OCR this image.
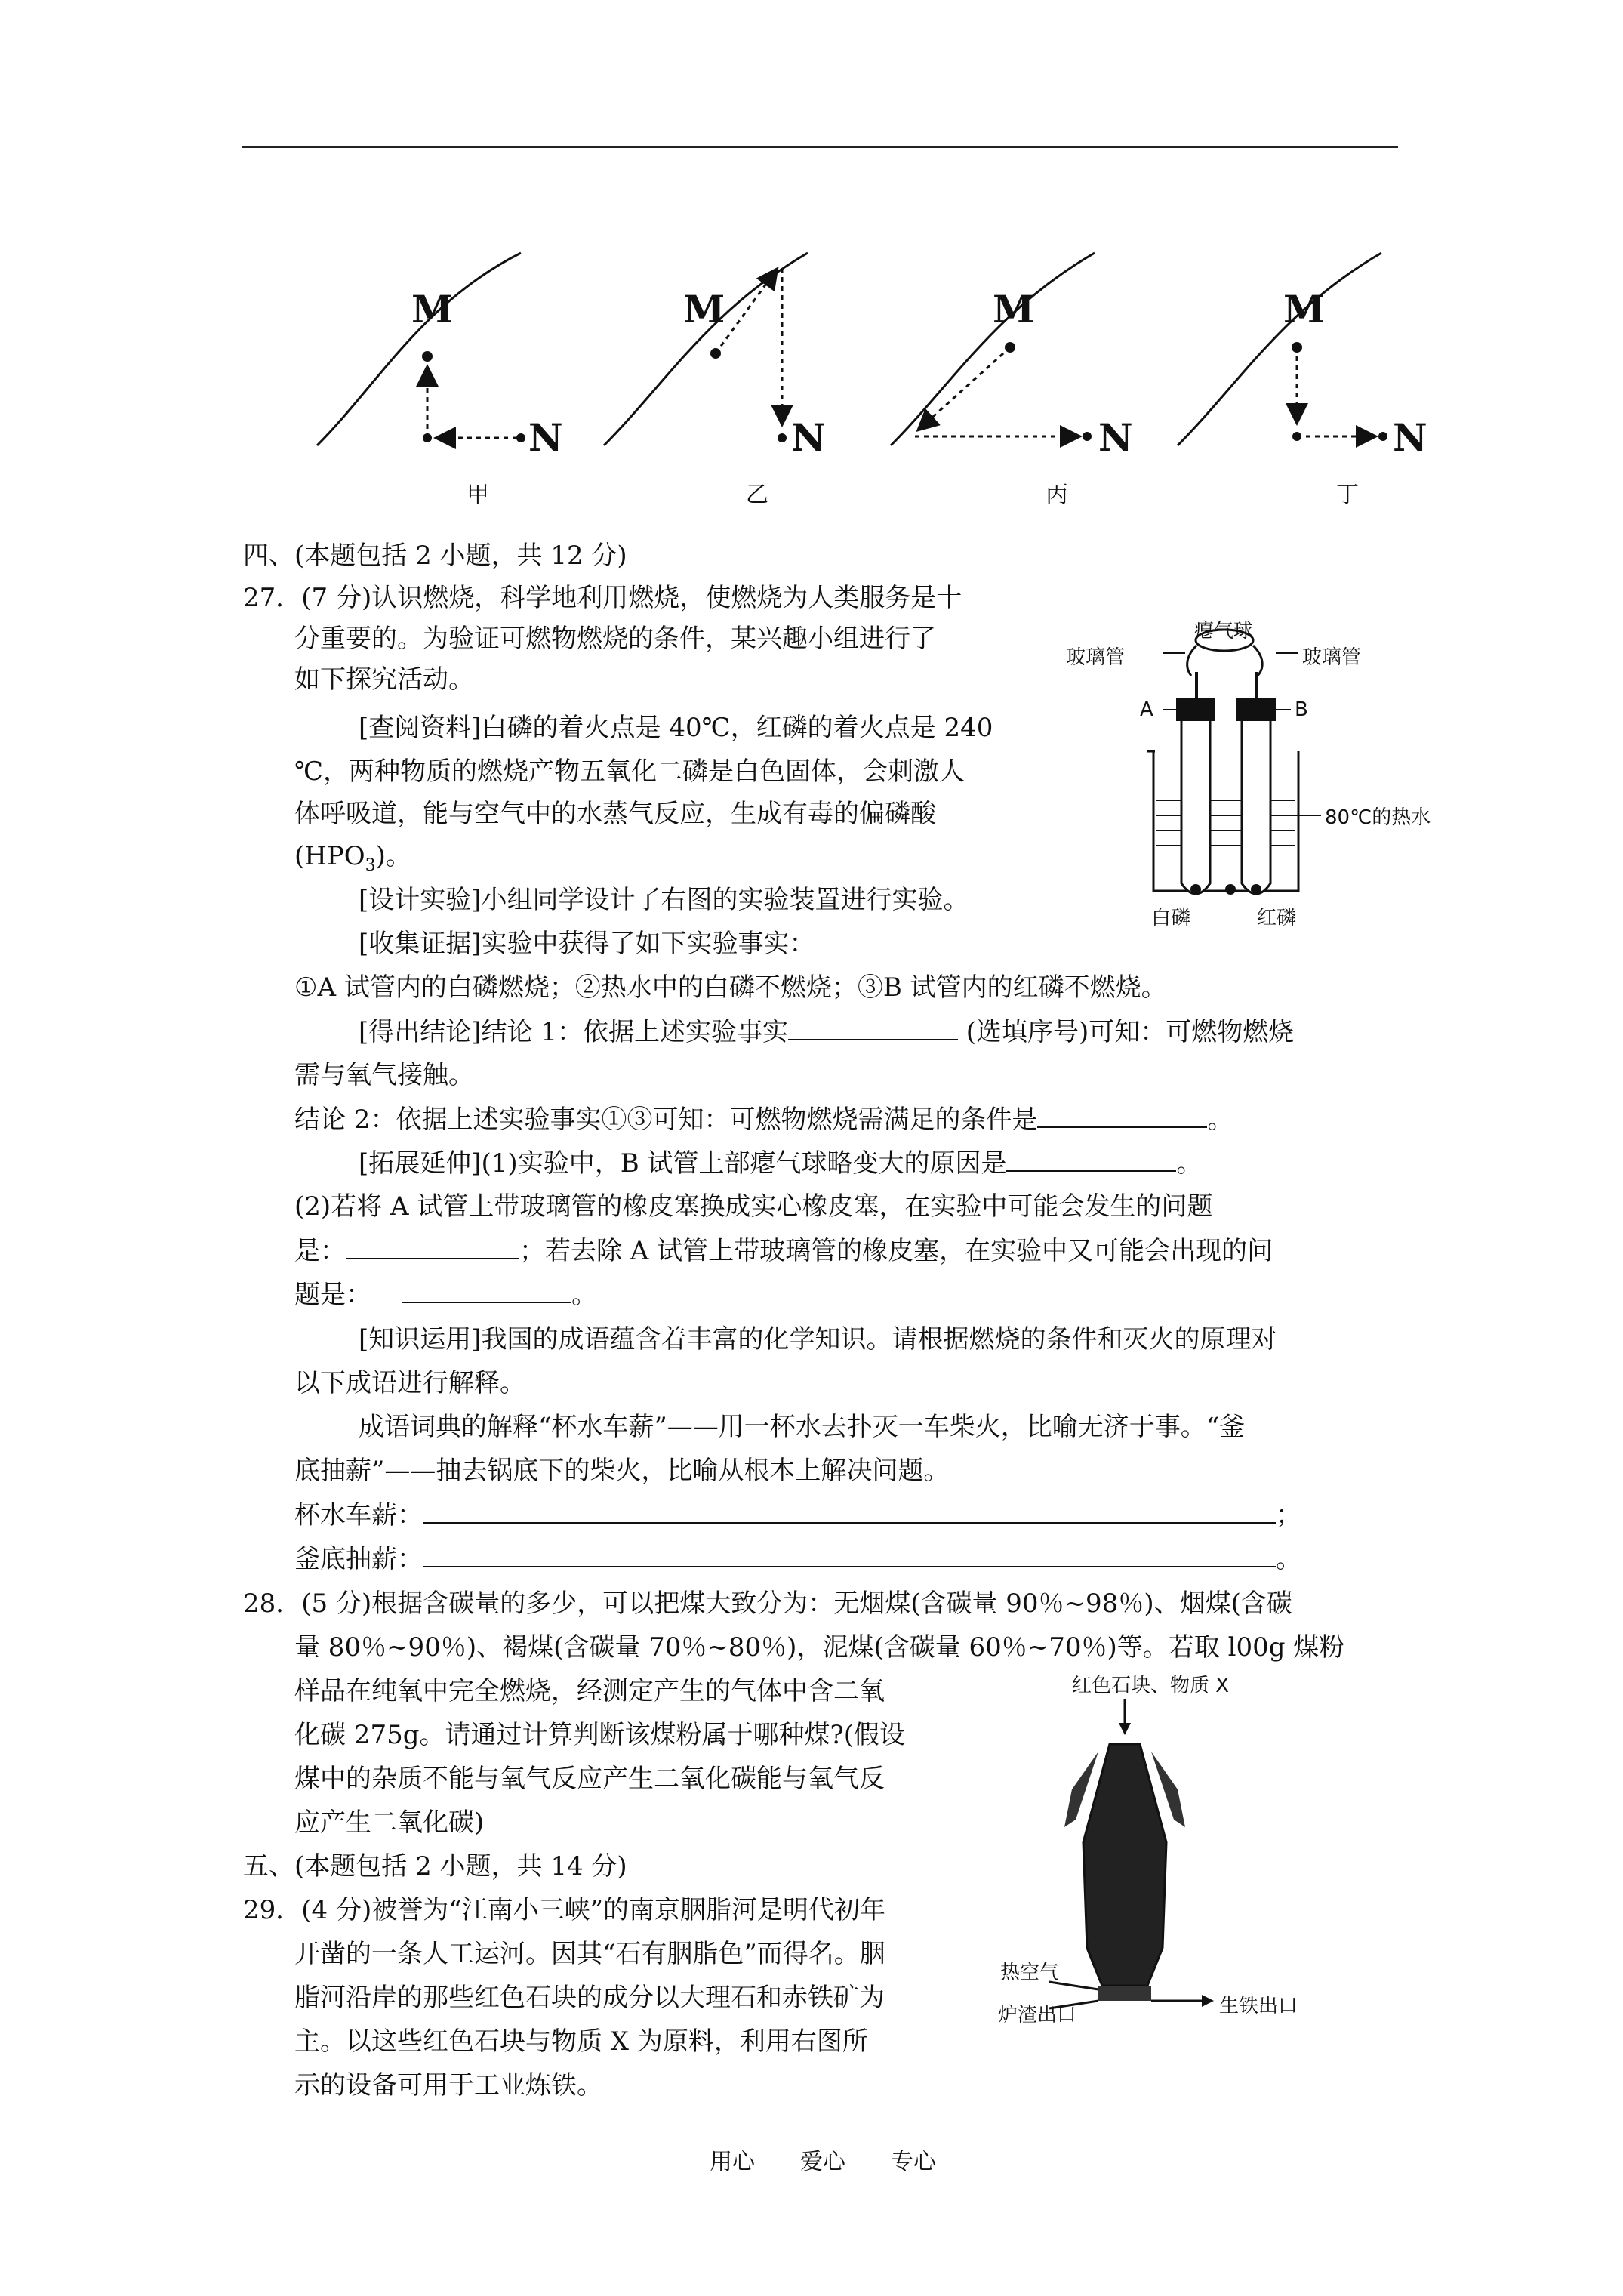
M	M	M	M
N	N	N	N
甲	乙	丙	丁
四、(本题包括 2 小题，共 12 分)
27．(7 分)认识燃烧，科学地利用燃烧，使燃烧为人类服务是十
分重要的。为验证可燃物燃烧的条件，某兴趣小组进行了
如下探究活动。
[查阅资料]白磷的着火点是 40℃，红磷的着火点是 240
℃，两种物质的燃烧产物五氧化二磷是白色固体，会刺激人
体呼吸道，能与空气中的水蒸气反应，生成有毒的偏磷酸
$(HPO_3)$。
[设计实验]小组同学设计了右图的实验装置进行实验。
[收集证据]实验中获得了如下实验事实：
①A 试管内的白磷燃烧；②热水中的白磷不燃烧；③B 试管内的红磷不燃烧。
[得出结论]结论 1：依据上述实验事实	(选填序号)可知：可燃物燃烧
需与氧气接触。
结论 2：依据上述实验事实①③可知：可燃物燃烧需满足的条件是	。
[拓展延伸](1)实验中，B 试管上部瘪气球略变大的原因是	。
(2)若将 A 试管上带玻璃管的橡皮塞换成实心橡皮塞，在实验中可能会发生的问题
是：	；若去除 A 试管上带玻璃管的橡皮塞，在实验中又可能会出现的问
题是：	。
[知识运用]我国的成语蕴含着丰富的化学知识。请根据燃烧的条件和灭火的原理对
以下成语进行解释。
成语词典的解释“杯水车薪”——用一杯水去扑灭一车柴火，比喻无济于事。“釜
底抽薪”——抽去锅底下的柴火，比喻从根本上解决问题。
杯水车薪：	；
釜底抽薪：	。
瘪气球
玻璃管	玻璃管
A	B
80℃的热水
白磷	红磷
28．(5 分)根据含碳量的多少，可以把煤大致分为：无烟煤(含碳量 90％~98％)、烟煤(含碳
量 80％~90％)、褐煤(含碳量 70％~80％)，泥煤(含碳量 60％~70％)等。若取 l00g 煤粉
样品在纯氧中完全燃烧，经测定产生的气体中含二氧
化碳 275g。请通过计算判断该煤粉属于哪种煤?(假设
煤中的杂质不能与氧气反应产生二氧化碳能与氧气反
应产生二氧化碳)
五、(本题包括 2 小题，共 14 分)
29．(4 分)被誉为“江南小三峡”的南京胭脂河是明代初年
开凿的一条人工运河。因其“石有胭脂色”而得名。胭
脂河沿岸的那些红色石块的成分以大理石和赤铁矿为
主。以这些红色石块与物质 X 为原料，利用右图所
示的设备可用于工业炼铁。
红色石块、物质 X
热空气
炉渣出口	生铁出口
用心 爱心 专心
